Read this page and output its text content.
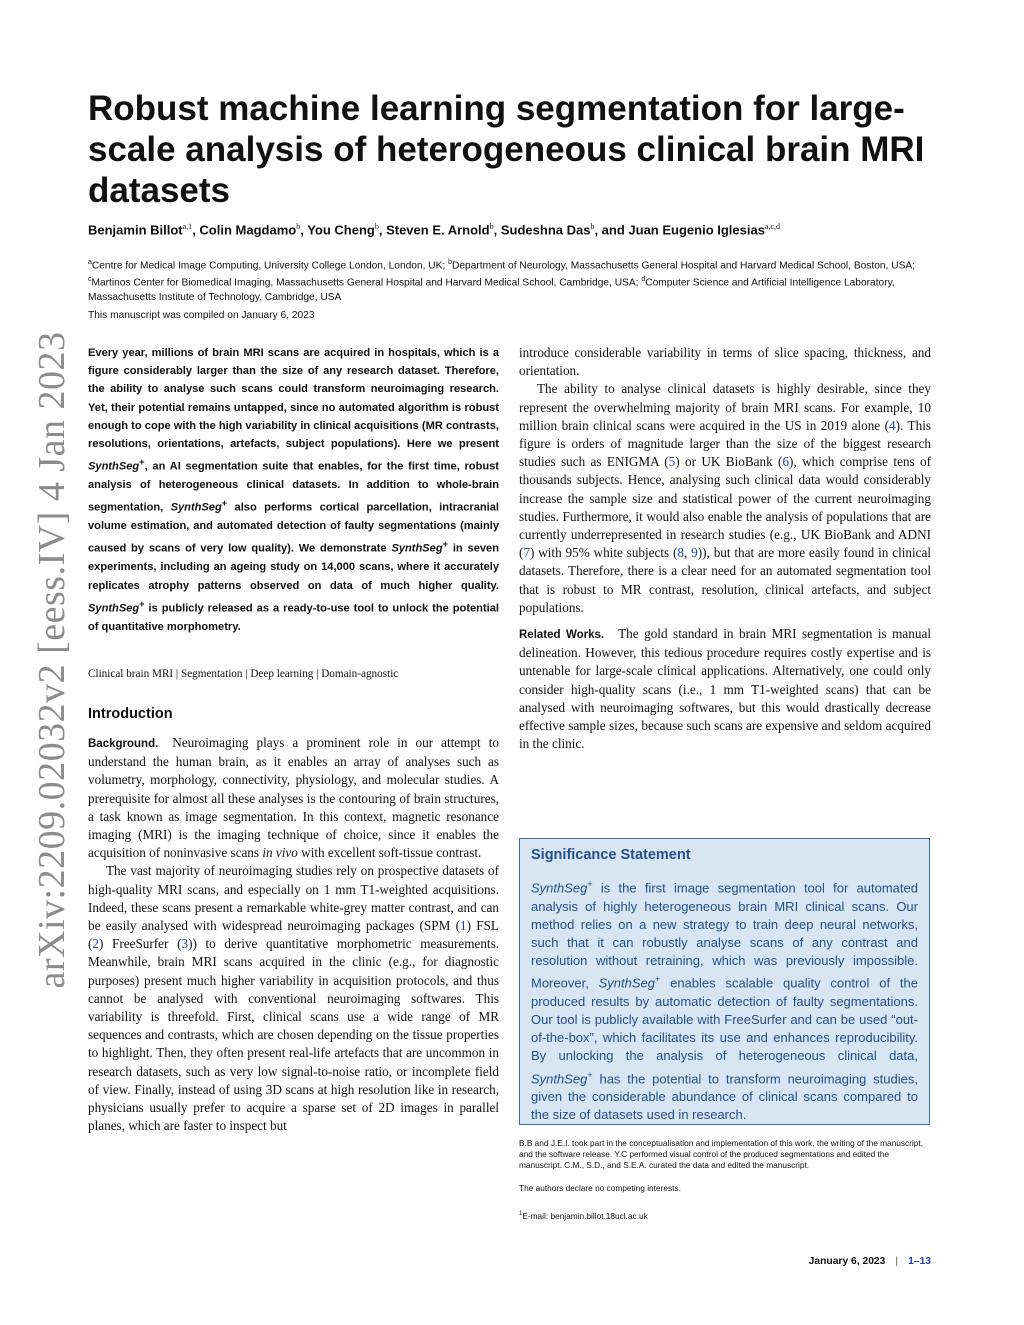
arXiv:2209.02032v2 [eess.IV] 4 Jan 2023
Robust machine learning segmentation for large-scale analysis of heterogeneous clinical brain MRI datasets
Benjamin Billot$^{a,1}$, Colin Magdamo$^b$, You Cheng$^b$, Steven E. Arnold$^b$, Sudeshna Das$^b$, and Juan Eugenio Iglesias$^{a,c,d}$
$^a$Centre for Medical Image Computing, University College London, London, UK; $^b$Department of Neurology, Massachusetts General Hospital and Harvard Medical School, Boston, USA; $^c$Martinos Center for Biomedical Imaging, Massachusetts General Hospital and Harvard Medical School, Cambridge, USA; $^d$Computer Science and Artificial Intelligence Laboratory, Massachusetts Institute of Technology, Cambridge, USA
This manuscript was compiled on January 6, 2023
Every year, millions of brain MRI scans are acquired in hospitals, which is a figure considerably larger than the size of any research dataset. Therefore, the ability to analyse such scans could transform neuroimaging research. Yet, their potential remains untapped, since no automated algorithm is robust enough to cope with the high variability in clinical acquisitions (MR contrasts, resolutions, orientations, artefacts, subject populations). Here we present SynthSeg+, an AI segmentation suite that enables, for the first time, robust analysis of heterogeneous clinical datasets. In addition to whole-brain segmentation, SynthSeg+ also performs cortical parcellation, intracranial volume estimation, and automated detection of faulty segmentations (mainly caused by scans of very low quality). We demonstrate SynthSeg+ in seven experiments, including an ageing study on 14,000 scans, where it accurately replicates atrophy patterns observed on data of much higher quality. SynthSeg+ is publicly released as a ready-to-use tool to unlock the potential of quantitative morphometry.
Clinical brain MRI | Segmentation | Deep learning | Domain-agnostic
Introduction

Background. Neuroimaging plays a prominent role in our attempt to understand the human brain, as it enables an array of analyses such as volumetry, morphology, connectivity, physiology, and molecular studies. A prerequisite for almost all these analyses is the contouring of brain structures, a task known as image segmentation. In this context, magnetic resonance imaging (MRI) is the imaging technique of choice, since it enables the acquisition of noninvasive scans in vivo with excellent soft-tissue contrast.

The vast majority of neuroimaging studies rely on prospective datasets of high-quality MRI scans, and especially on 1 mm T1-weighted acquisitions. Indeed, these scans present a remarkable white-grey matter contrast, and can be easily analysed with widespread neuroimaging packages (SPM (1) FSL (2) FreeSurfer (3)) to derive quantitative morphometric measurements. Meanwhile, brain MRI scans acquired in the clinic (e.g., for diagnostic purposes) present much higher variability in acquisition protocols, and thus cannot be analysed with conventional neuroimaging softwares. This variability is threefold. First, clinical scans use a wide range of MR sequences and contrasts, which are chosen depending on the tissue properties to highlight. Then, they often present real-life artefacts that are uncommon in research datasets, such as very low signal-to-noise ratio, or incomplete field of view. Finally, instead of using 3D scans at high resolution like in research, physicians usually prefer to acquire a sparse set of 2D images in parallel planes, which are faster to inspect but

introduce considerable variability in terms of slice spacing, thickness, and orientation.

The ability to analyse clinical datasets is highly desirable, since they represent the overwhelming majority of brain MRI scans. For example, 10 million brain clinical scans were acquired in the US in 2019 alone (4). This figure is orders of magnitude larger than the size of the biggest research studies such as ENIGMA (5) or UK BioBank (6), which comprise tens of thousands subjects. Hence, analysing such clinical data would considerably increase the sample size and statistical power of the current neuroimaging studies. Furthermore, it would also enable the analysis of populations that are currently underrepresented in research studies (e.g., UK BioBank and ADNI (7) with 95% white subjects (8, 9)), but that are more easily found in clinical datasets. Therefore, there is a clear need for an automated segmentation tool that is robust to MR contrast, resolution, clinical artefacts, and subject populations.

Related Works. The gold standard in brain MRI segmentation is manual delineation. However, this tedious procedure requires costly expertise and is untenable for large-scale clinical applications. Alternatively, one could only consider high-quality scans (i.e., 1 mm T1-weighted scans) that can be analysed with neuroimaging softwares, but this would drastically decrease effective sample sizes, because such scans are expensive and seldom acquired in the clinic.

Significance Statement

SynthSeg+ is the first image segmentation tool for automated analysis of highly heterogeneous brain MRI clinical scans. Our method relies on a new strategy to train deep neural networks, such that it can robustly analyse scans of any contrast and resolution without retraining, which was previously impossible. Moreover, SynthSeg+ enables scalable quality control of the produced results by automatic detection of faulty segmentations. Our tool is publicly available with FreeSurfer and can be used “out-of-the-box”, which facilitates its use and enhances reproducibility. By unlocking the analysis of heterogeneous clinical data, SynthSeg+ has the potential to transform neuroimaging studies, given the considerable abundance of clinical scans compared to the size of datasets used in research.

B.B and J.E.I. took part in the conceptualisation and implementation of this work, the writing of the manuscript, and the software release. Y.C performed visual control of the produced segmentations and edited the manuscript. C.M., S.D., and S.E.A. curated the data and edited the manuscript.
The authors declare no competing interests.
$^1$E-mail: benjamin.billot.18ucl.ac.uk
January 6, 2023 | 1–13
